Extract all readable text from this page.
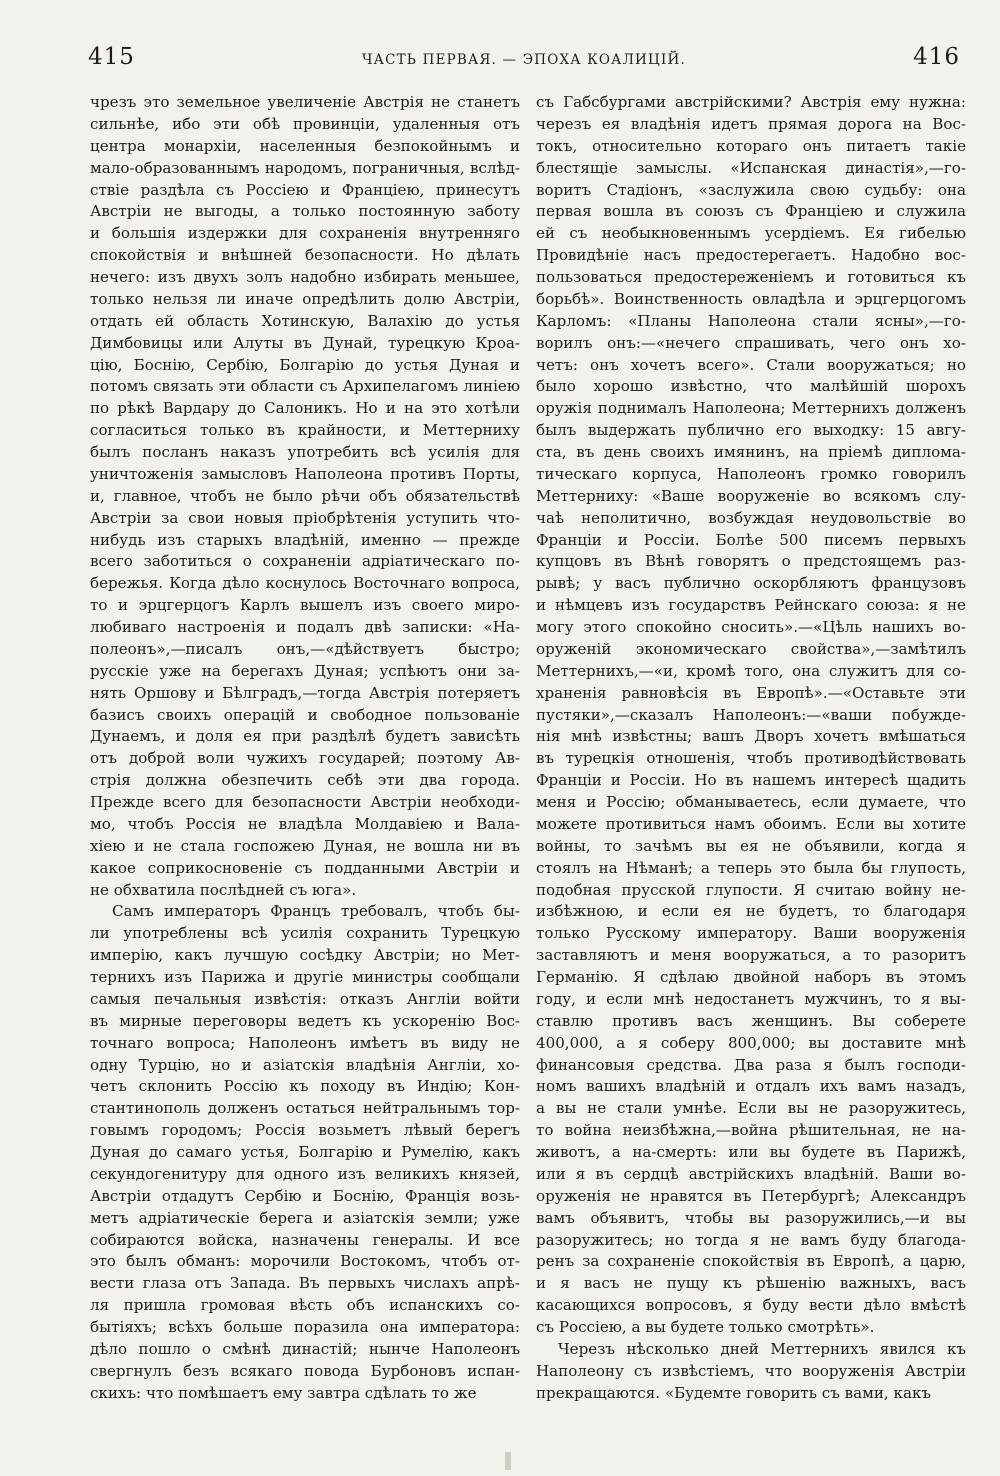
415	ЧАСТЬ ПЕРВАЯ. — ЭПОХА КОАЛИЦІЙ.	416
чрезъ это земельное увеличеніе Австрія не станетъ
сильнѣе, ибо эти обѣ провинціи, удаленныя отъ
центра монархіи, населенныя безпокойнымъ и
мало-образованнымъ народомъ, пограничныя, вслѣд-
ствіе раздѣла съ Россіею и Франціею, принесутъ
Австріи не выгоды, а только постоянную заботу
и большія издержки для сохраненія внутренняго
спокойствія и внѣшней безопасности. Но дѣлать
нечего: изъ двухъ золъ надобно избирать меньшее,
только нельзя ли иначе опредѣлить долю Австріи,
отдать ей область Хотинскую, Валахію до устья
Димбовицы или Алуты въ Дунай, турецкую Кроа-
цію, Боснію, Сербію, Болгарію до устья Дуная и
потомъ связать эти области съ Архипелагомъ линіею
по рѣкѣ Вардару до Салоникъ. Но и на это хотѣли
согласиться только въ крайности, и Меттерниху
былъ посланъ наказъ употребить всѣ усилія для
уничтоженія замысловъ Наполеона противъ Порты,
и, главное, чтобъ не было рѣчи объ обязательствѣ
Австріи за свои новыя пріобрѣтенія уступить что-
нибудь изъ старыхъ владѣній, именно — прежде
всего заботиться о сохраненіи адріатическаго по-
бережья. Когда дѣло коснулось Восточнаго вопроса,
то и эрцгерцогъ Карлъ вышелъ изъ своего миро-
любиваго настроенія и подалъ двѣ записки: «На-
полеонъ»,—писалъ онъ,—«дѣйствуетъ быстро;
русскіе уже на берегахъ Дуная; успѣютъ они за-
нять Оршову и Бѣлградъ,—тогда Австрія потеряетъ
базисъ своихъ операцій и свободное пользованіе
Дунаемъ, и доля ея при раздѣлѣ будетъ зависѣть
отъ доброй воли чужихъ государей; поэтому Ав-
стрія должна обезпечить себѣ эти два города.
Прежде всего для безопасности Австріи необходи-
мо, чтобъ Россія не владѣла Молдавіею и Вала-
хіею и не стала госпожею Дуная, не вошла ни въ
какое соприкосновеніе съ подданными Австріи и
не обхватила послѣдней съ юга».
Самъ императоръ Францъ требовалъ, чтобъ бы-
ли употреблены всѣ усилія сохранить Турецкую
имперію, какъ лучшую сосѣдку Австріи; но Мет-
тернихъ изъ Парижа и другіе министры сообщали
самыя печальныя извѣстія: отказъ Англіи войти
въ мирные переговоры ведетъ къ ускоренію Вос-
точнаго вопроса; Наполеонъ имѣетъ въ виду не
одну Турцію, но и азіатскія владѣнія Англіи, хо-
четъ склонить Россію къ походу въ Индію; Кон-
стантинополь долженъ остаться нейтральнымъ тор-
говымъ городомъ; Россія возьметъ лѣвый берегъ
Дуная до самаго устья, Болгарію и Румелію, какъ
секундогенитуру для одного изъ великихъ князей,
Австріи отдадутъ Сербію и Боснію, Франція возь-
метъ адріатическіе берега и азіатскія земли; уже
собираются войска, назначены генералы. И все
это былъ обманъ: морочили Востокомъ, чтобъ от-
вести глаза отъ Запада. Въ первыхъ числахъ апрѣ-
ля пришла громовая вѣсть объ испанскихъ со-
бытіяхъ; всѣхъ больше поразила она императора:
дѣло пошло о смѣнѣ династій; нынче Наполеонъ
свергнулъ безъ всякаго повода Бурбоновъ испан-
скихъ: что помѣшаетъ ему завтра сдѣлать то же
съ Габсбургами австрійскими? Австрія ему нужна:
черезъ ея владѣнія идетъ прямая дорога на Вос-
токъ, относительно котораго онъ питаетъ такіе
блестящіе замыслы. «Испанская династія»,—го-
воритъ Стадіонъ, «заслужила свою судьбу: она
первая вошла въ союзъ съ Франціею и служила
ей съ необыкновеннымъ усердіемъ. Ея гибелью
Провидѣніе насъ предостерегаетъ. Надобно вос-
пользоваться предостереженіемъ и готовиться къ
борьбѣ». Воинственность овладѣла и эрцгерцогомъ
Карломъ: «Планы Наполеона стали ясны»,—го-
ворилъ онъ:—«нечего спрашивать, чего онъ хо-
четъ: онъ хочетъ всего». Стали вооружаться; но
было хорошо извѣстно, что малѣйшій шорохъ
оружія поднималъ Наполеона; Меттернихъ долженъ
былъ выдержать публично его выходку: 15 авгу-
ста, въ день своихъ имянинъ, на пріемѣ диплома-
тическаго корпуса, Наполеонъ громко говорилъ
Меттерниху: «Ваше вооруженіе во всякомъ слу-
чаѣ неполитично, возбуждая неудовольствіе во
Франціи и Россіи. Болѣе 500 писемъ первыхъ
купцовъ въ Вѣнѣ говорятъ о предстоящемъ раз-
рывѣ; у васъ публично оскорбляютъ французовъ
и нѣмцевъ изъ государствъ Рейнскаго союза: я не
могу этого спокойно сносить».—«Цѣль нашихъ во-
оруженій экономическаго свойства»,—замѣтилъ
Меттернихъ,—«и, кромѣ того, она служитъ для со-
храненія равновѣсія въ Европѣ».—«Оставьте эти
пустяки»,—сказалъ Наполеонъ:—«ваши побужде-
нія мнѣ извѣстны; вашъ Дворъ хочетъ вмѣшаться
въ турецкія отношенія, чтобъ противодѣйствовать
Франціи и Россіи. Но въ нашемъ интересѣ щадить
меня и Россію; обманываетесь, если думаете, что
можете противиться намъ обоимъ. Если вы хотите
войны, то зачѣмъ вы ея не объявили, когда я
стоялъ на Нѣманѣ; а теперь это была бы глупость,
подобная прусской глупости. Я считаю войну не-
избѣжною, и если ея не будетъ, то благодаря
только Русскому императору. Ваши вооруженія
заставляютъ и меня вооружаться, а то разоритъ
Германію. Я сдѣлаю двойной наборъ въ этомъ
году, и если мнѣ недостанетъ мужчинъ, то я вы-
ставлю противъ васъ женщинъ. Вы соберете
400,000, а я соберу 800,000; вы доставите мнѣ
финансовыя средства. Два раза я былъ господи-
номъ вашихъ владѣній и отдалъ ихъ вамъ назадъ,
а вы не стали умнѣе. Если вы не разоружитесь,
то война неизбѣжна,—война рѣшительная, не на-
животъ, а на-смерть: или вы будете въ Парижѣ,
или я въ сердцѣ австрійскихъ владѣній. Ваши во-
оруженія не нравятся въ Петербургѣ; Александръ
вамъ объявитъ, чтобы вы разоружились,—и вы
разоружитесь; но тогда я не вамъ буду благода-
ренъ за сохраненіе спокойствія въ Европѣ, а царю,
и я васъ не пущу къ рѣшенію важныхъ, васъ
касающихся вопросовъ, я буду вести дѣло вмѣстѣ
съ Россіею, а вы будете только смотрѣть».
Черезъ нѣсколько дней Меттернихъ явился къ
Наполеону съ извѣстіемъ, что вооруженія Австріи
прекращаются. «Будемте говорить съ вами, какъ
